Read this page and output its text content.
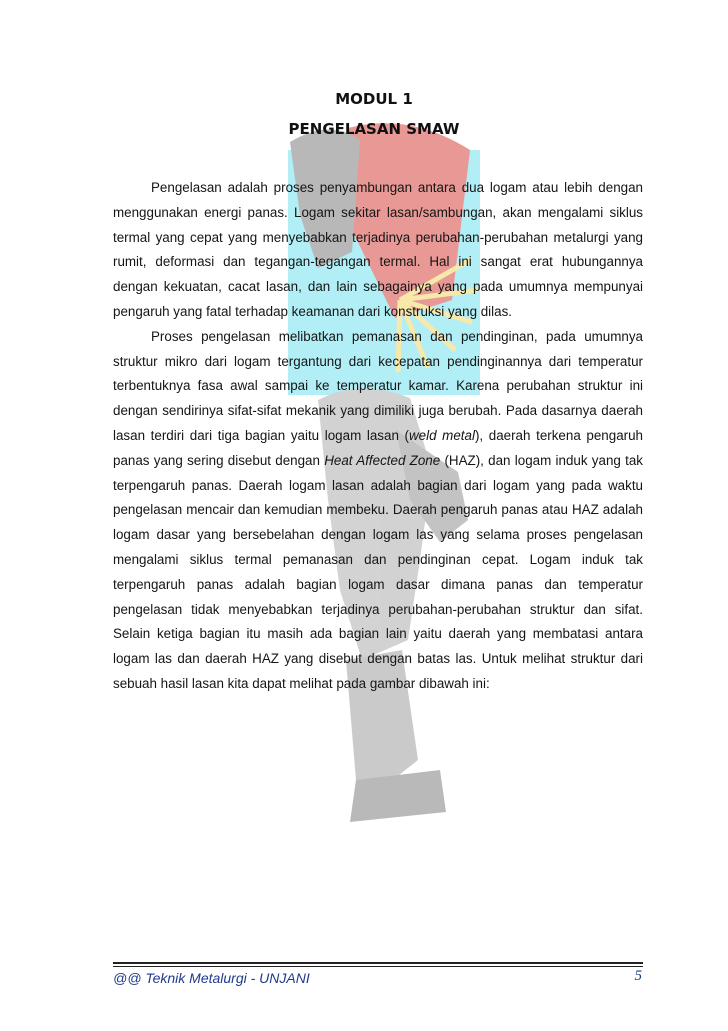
MODUL 1
PENGELASAN SMAW

Pengelasan adalah proses penyambungan antara dua logam atau lebih dengan menggunakan energi panas. Logam sekitar lasan/sambungan, akan mengalami siklus termal yang cepat yang menyebabkan terjadinya perubahan-perubahan metalurgi yang rumit, deformasi dan tegangan-tegangan termal. Hal ini sangat erat hubungannya dengan kekuatan, cacat lasan, dan lain sebagainya yang pada umumnya mempunyai pengaruh yang fatal terhadap keamanan dari konstruksi yang dilas.

Proses pengelasan melibatkan pemanasan dan pendinginan, pada umumnya struktur mikro dari logam tergantung dari kecepatan pendinginannya dari temperatur terbentuknya fasa awal sampai ke temperatur kamar. Karena perubahan struktur ini dengan sendirinya sifat-sifat mekanik yang dimiliki juga berubah. Pada dasarnya daerah lasan terdiri dari tiga bagian yaitu logam lasan (weld metal), daerah terkena pengaruh panas yang sering disebut dengan Heat Affected Zone (HAZ), dan logam induk yang tak terpengaruh panas. Daerah logam lasan adalah bagian dari logam yang pada waktu pengelasan mencair dan kemudian membeku. Daerah pengaruh panas atau HAZ adalah logam dasar yang bersebelahan dengan logam las yang selama proses pengelasan mengalami siklus termal pemanasan dan pendinginan cepat. Logam induk tak terpengaruh panas adalah bagian logam dasar dimana panas dan temperatur pengelasan tidak menyebabkan terjadinya perubahan-perubahan struktur dan sifat. Selain ketiga bagian itu masih ada bagian lain yaitu daerah yang membatasi antara logam las dan daerah HAZ yang disebut dengan batas las. Untuk melihat struktur dari sebuah hasil lasan kita dapat melihat pada gambar dibawah ini:

@@ Teknik Metalurgi - UNJANI	5
